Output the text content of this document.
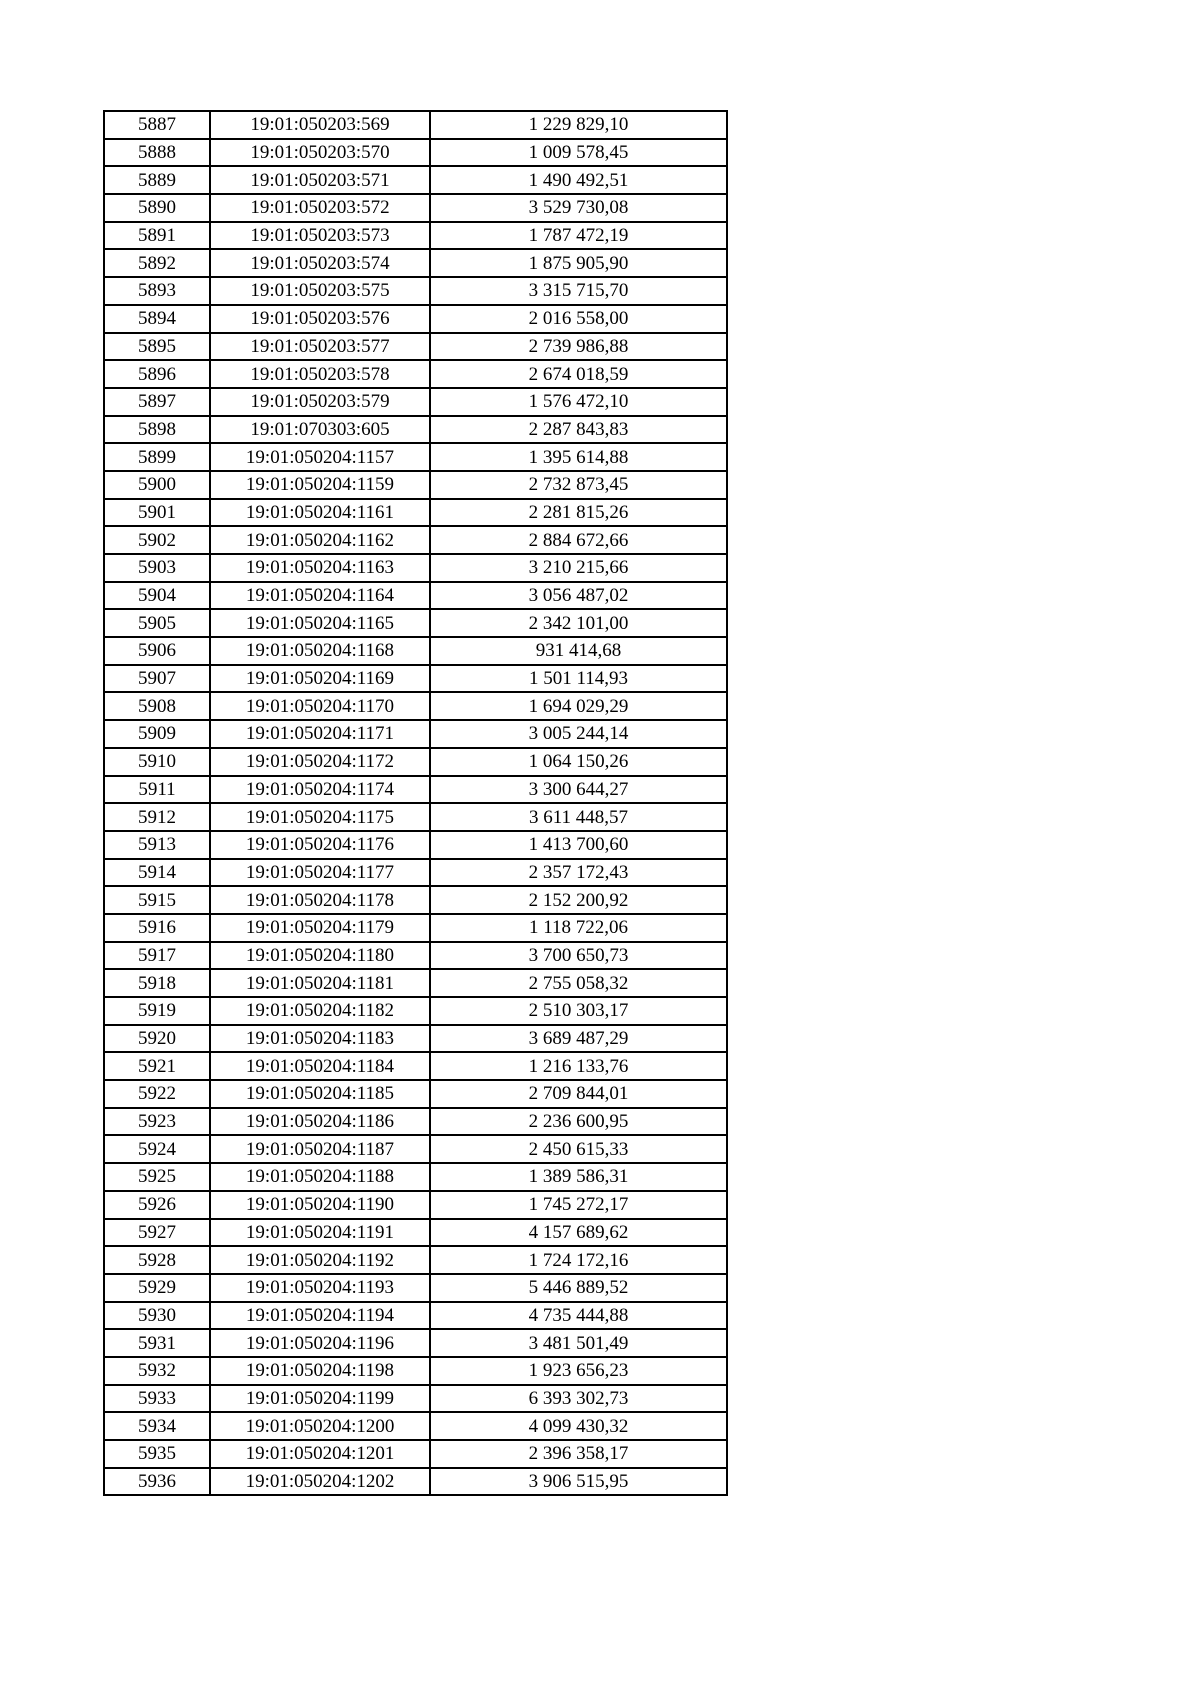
5887	19:01:050203:569	1 229 829,10
5888	19:01:050203:570	1 009 578,45
5889	19:01:050203:571	1 490 492,51
5890	19:01:050203:572	3 529 730,08
5891	19:01:050203:573	1 787 472,19
5892	19:01:050203:574	1 875 905,90
5893	19:01:050203:575	3 315 715,70
5894	19:01:050203:576	2 016 558,00
5895	19:01:050203:577	2 739 986,88
5896	19:01:050203:578	2 674 018,59
5897	19:01:050203:579	1 576 472,10
5898	19:01:070303:605	2 287 843,83
5899	19:01:050204:1157	1 395 614,88
5900	19:01:050204:1159	2 732 873,45
5901	19:01:050204:1161	2 281 815,26
5902	19:01:050204:1162	2 884 672,66
5903	19:01:050204:1163	3 210 215,66
5904	19:01:050204:1164	3 056 487,02
5905	19:01:050204:1165	2 342 101,00
5906	19:01:050204:1168	931 414,68
5907	19:01:050204:1169	1 501 114,93
5908	19:01:050204:1170	1 694 029,29
5909	19:01:050204:1171	3 005 244,14
5910	19:01:050204:1172	1 064 150,26
5911	19:01:050204:1174	3 300 644,27
5912	19:01:050204:1175	3 611 448,57
5913	19:01:050204:1176	1 413 700,60
5914	19:01:050204:1177	2 357 172,43
5915	19:01:050204:1178	2 152 200,92
5916	19:01:050204:1179	1 118 722,06
5917	19:01:050204:1180	3 700 650,73
5918	19:01:050204:1181	2 755 058,32
5919	19:01:050204:1182	2 510 303,17
5920	19:01:050204:1183	3 689 487,29
5921	19:01:050204:1184	1 216 133,76
5922	19:01:050204:1185	2 709 844,01
5923	19:01:050204:1186	2 236 600,95
5924	19:01:050204:1187	2 450 615,33
5925	19:01:050204:1188	1 389 586,31
5926	19:01:050204:1190	1 745 272,17
5927	19:01:050204:1191	4 157 689,62
5928	19:01:050204:1192	1 724 172,16
5929	19:01:050204:1193	5 446 889,52
5930	19:01:050204:1194	4 735 444,88
5931	19:01:050204:1196	3 481 501,49
5932	19:01:050204:1198	1 923 656,23
5933	19:01:050204:1199	6 393 302,73
5934	19:01:050204:1200	4 099 430,32
5935	19:01:050204:1201	2 396 358,17
5936	19:01:050204:1202	3 906 515,95
